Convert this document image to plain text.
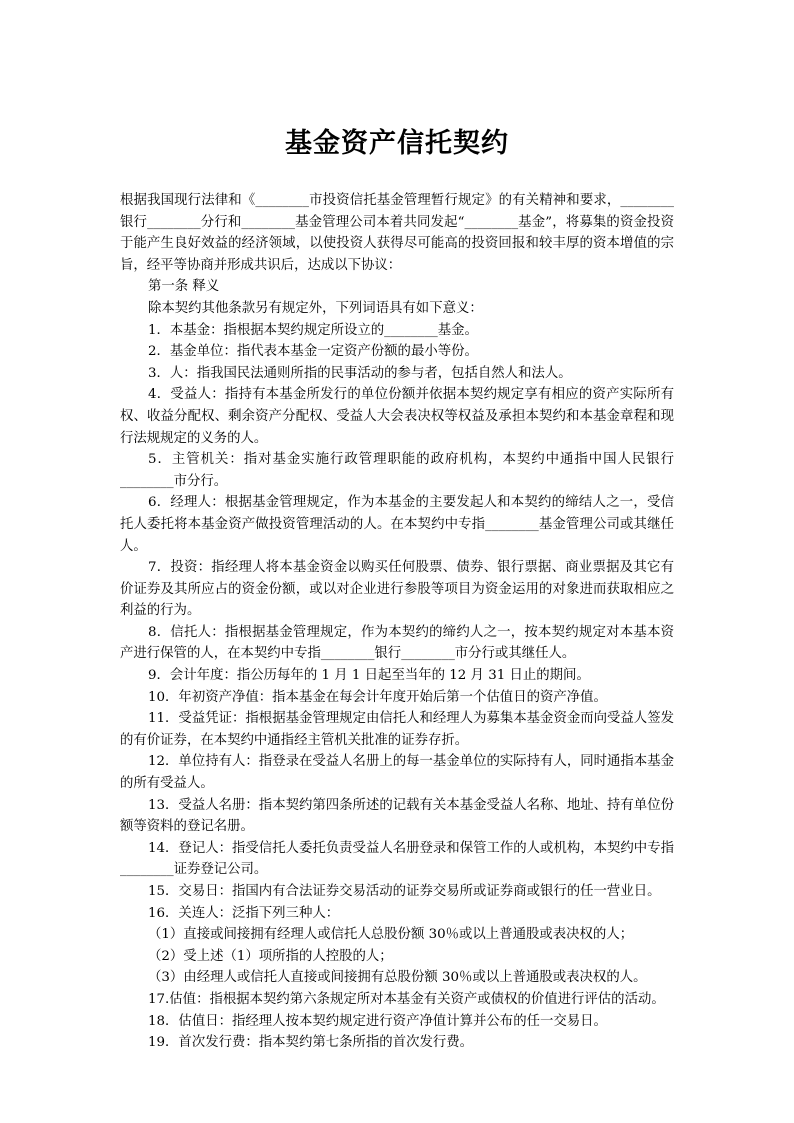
基金资产信托契约

根据我国现行法律和《________市投资信托基金管理暂行规定》的有关精神和要求，________银行________分行和________基金管理公司本着共同发起“________基金”，将募集的资金投资于能产生良好效益的经济领域，以使投资人获得尽可能高的投资回报和较丰厚的资本增值的宗旨，经平等协商并形成共识后，达成以下协议：

第一条 释义

除本契约其他条款另有规定外，下列词语具有如下意义：

1．本基金：指根据本契约规定所设立的________基金。

2．基金单位：指代表本基金一定资产份额的最小等份。

3．人：指我国民法通则所指的民事活动的参与者，包括自然人和法人。

4．受益人：指持有本基金所发行的单位份额并依据本契约规定享有相应的资产实际所有权、收益分配权、剩余资产分配权、受益人大会表决权等权益及承担本契约和本基金章程和现行法规规定的义务的人。

5．主管机关：指对基金实施行政管理职能的政府机构，本契约中通指中国人民银行________市分行。

6．经理人：根据基金管理规定，作为本基金的主要发起人和本契约的缔结人之一，受信托人委托将本基金资产做投资管理活动的人。在本契约中专指________基金管理公司或其继任人。

7．投资：指经理人将本基金资金以购买任何股票、债券、银行票据、商业票据及其它有价证券及其所应占的资金份额，或以对企业进行参股等项目为资金运用的对象进而获取相应之利益的行为。

8．信托人：指根据基金管理规定，作为本契约的缔约人之一，按本契约规定对本基本资产进行保管的人，在本契约中专指________银行________市分行或其继任人。

9．会计年度：指公历每年的 1 月 1 日起至当年的 12 月 31 日止的期间。

10．年初资产净值：指本基金在每会计年度开始后第一个估值日的资产净值。

11．受益凭证：指根据基金管理规定由信托人和经理人为募集本基金资金而向受益人签发的有价证券，在本契约中通指经主管机关批准的证券存折。

12．单位持有人：指登录在受益人名册上的每一基金单位的实际持有人，同时通指本基金的所有受益人。

13．受益人名册：指本契约第四条所述的记载有关本基金受益人名称、地址、持有单位份额等资料的登记名册。

14．登记人：指受信托人委托负责受益人名册登录和保管工作的人或机构，本契约中专指________证券登记公司。

15．交易日：指国内有合法证券交易活动的证券交易所或证券商或银行的任一营业日。

16．关连人：泛指下列三种人：

（1）直接或间接拥有经理人或信托人总股份额 30％或以上普通股或表决权的人；

（2）受上述（1）项所指的人控股的人；

（3）由经理人或信托人直接或间接拥有总股份额 30％或以上普通股或表决权的人。

17.估值：指根据本契约第六条规定所对本基金有关资产或债权的价值进行评估的活动。

18．估值日：指经理人按本契约规定进行资产净值计算并公布的任一交易日。

19．首次发行费：指本契约第七条所指的首次发行费。
